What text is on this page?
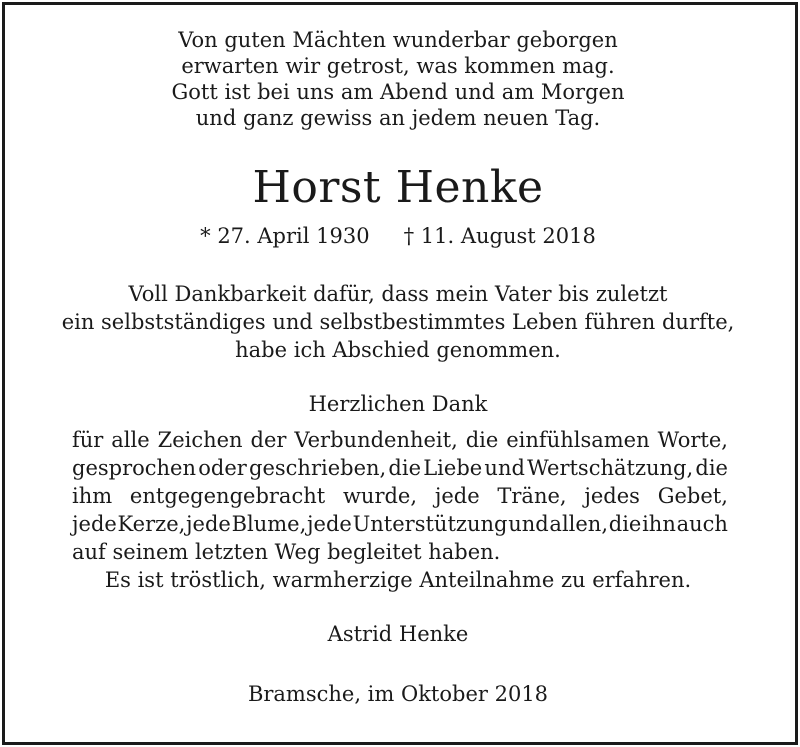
Von guten Mächten wunderbar geborgen
erwarten wir getrost, was kommen mag.
Gott ist bei uns am Abend und am Morgen
und ganz gewiss an jedem neuen Tag.
Horst Henke
* 27. April 1930 † 11. August 2018
Voll Dankbarkeit dafür, dass mein Vater bis zuletzt
ein selbstständiges und selbstbestimmtes Leben führen durfte,
habe ich Abschied genommen.
Herzlichen Dank
für alle Zeichen der Verbundenheit, die einfühlsamen Worte,
gesprochen oder geschrieben, die Liebe und Wertschätzung, die
ihm entgegengebracht wurde, jede Träne, jedes Gebet,
jede Kerze, jede Blume, jede Unterstützung und allen, die ihn auch
auf seinem letzten Weg begleitet haben.
Es ist tröstlich, warmherzige Anteilnahme zu erfahren.
Astrid Henke
Bramsche, im Oktober 2018
